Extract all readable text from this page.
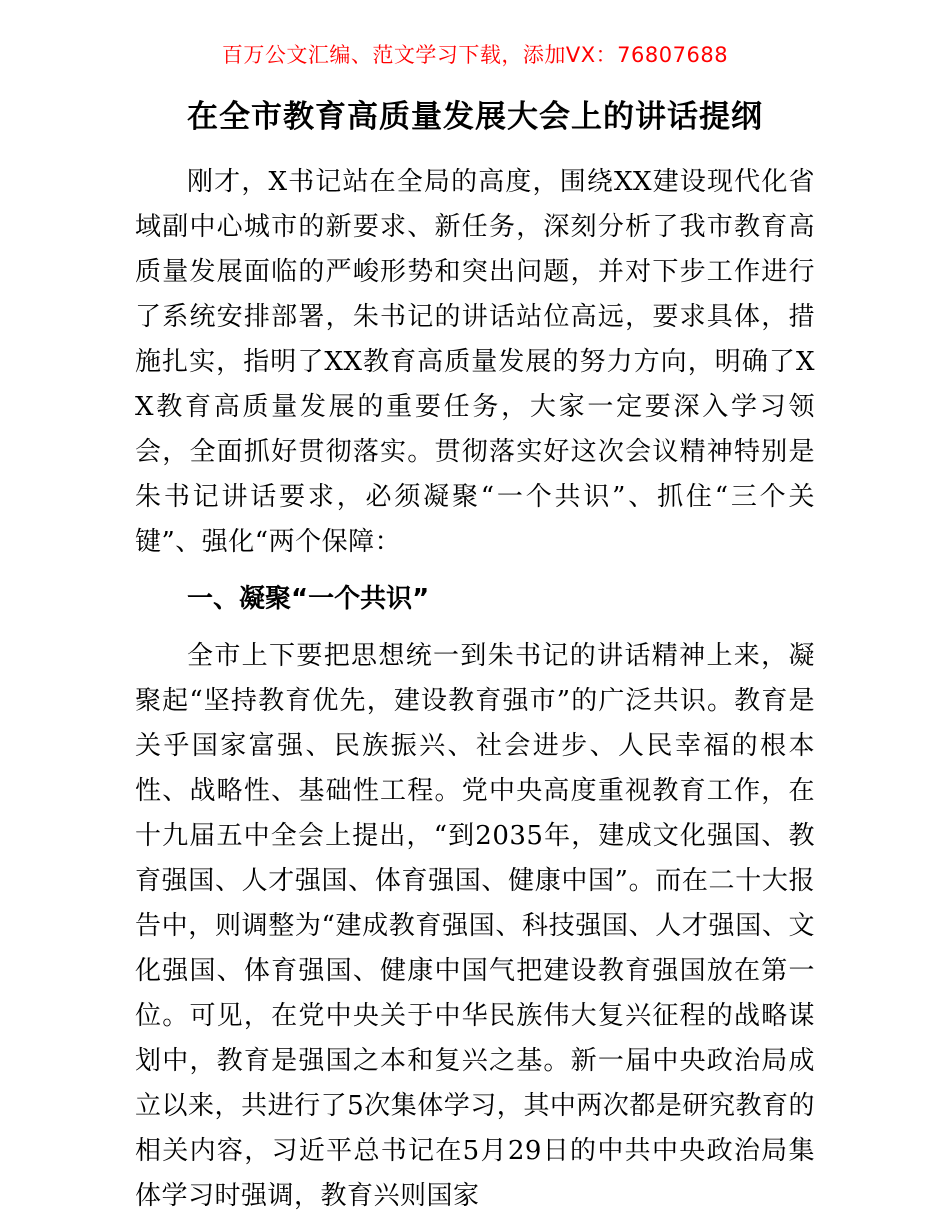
百万公文汇编、范文学习下载，添加VX：76807688
在全市教育高质量发展大会上的讲话提纲

刚才，X书记站在全局的高度，围绕XX建设现代化省域副中心城市的新要求、新任务，深刻分析了我市教育高质量发展面临的严峻形势和突出问题，并对下步工作进行了系统安排部署，朱书记的讲话站位高远，要求具体，措施扎实，指明了XX教育高质量发展的努力方向，明确了XX教育高质量发展的重要任务，大家一定要深入学习领会，全面抓好贯彻落实。贯彻落实好这次会议精神特别是朱书记讲话要求，必须凝聚“一个共识”、抓住“三个关键”、强化“两个保障：

一、凝聚“一个共识”

全市上下要把思想统一到朱书记的讲话精神上来，凝聚起“坚持教育优先，建设教育强市”的广泛共识。教育是关乎国家富强、民族振兴、社会进步、人民幸福的根本性、战略性、基础性工程。党中央高度重视教育工作，在十九届五中全会上提出，“到2035年，建成文化强国、教育强国、人才强国、体育强国、健康中国”。而在二十大报告中，则调整为“建成教育强国、科技强国、人才强国、文化强国、体育强国、健康中国气把建设教育强国放在第一位。可见，在党中央关于中华民族伟大复兴征程的战略谋划中，教育是强国之本和复兴之基。新一届中央政治局成立以来，共进行了5次集体学习，其中两次都是研究教育的相关内容，习近平总书记在5月29日的中共中央政治局集体学习时强调，教育兴则国家
